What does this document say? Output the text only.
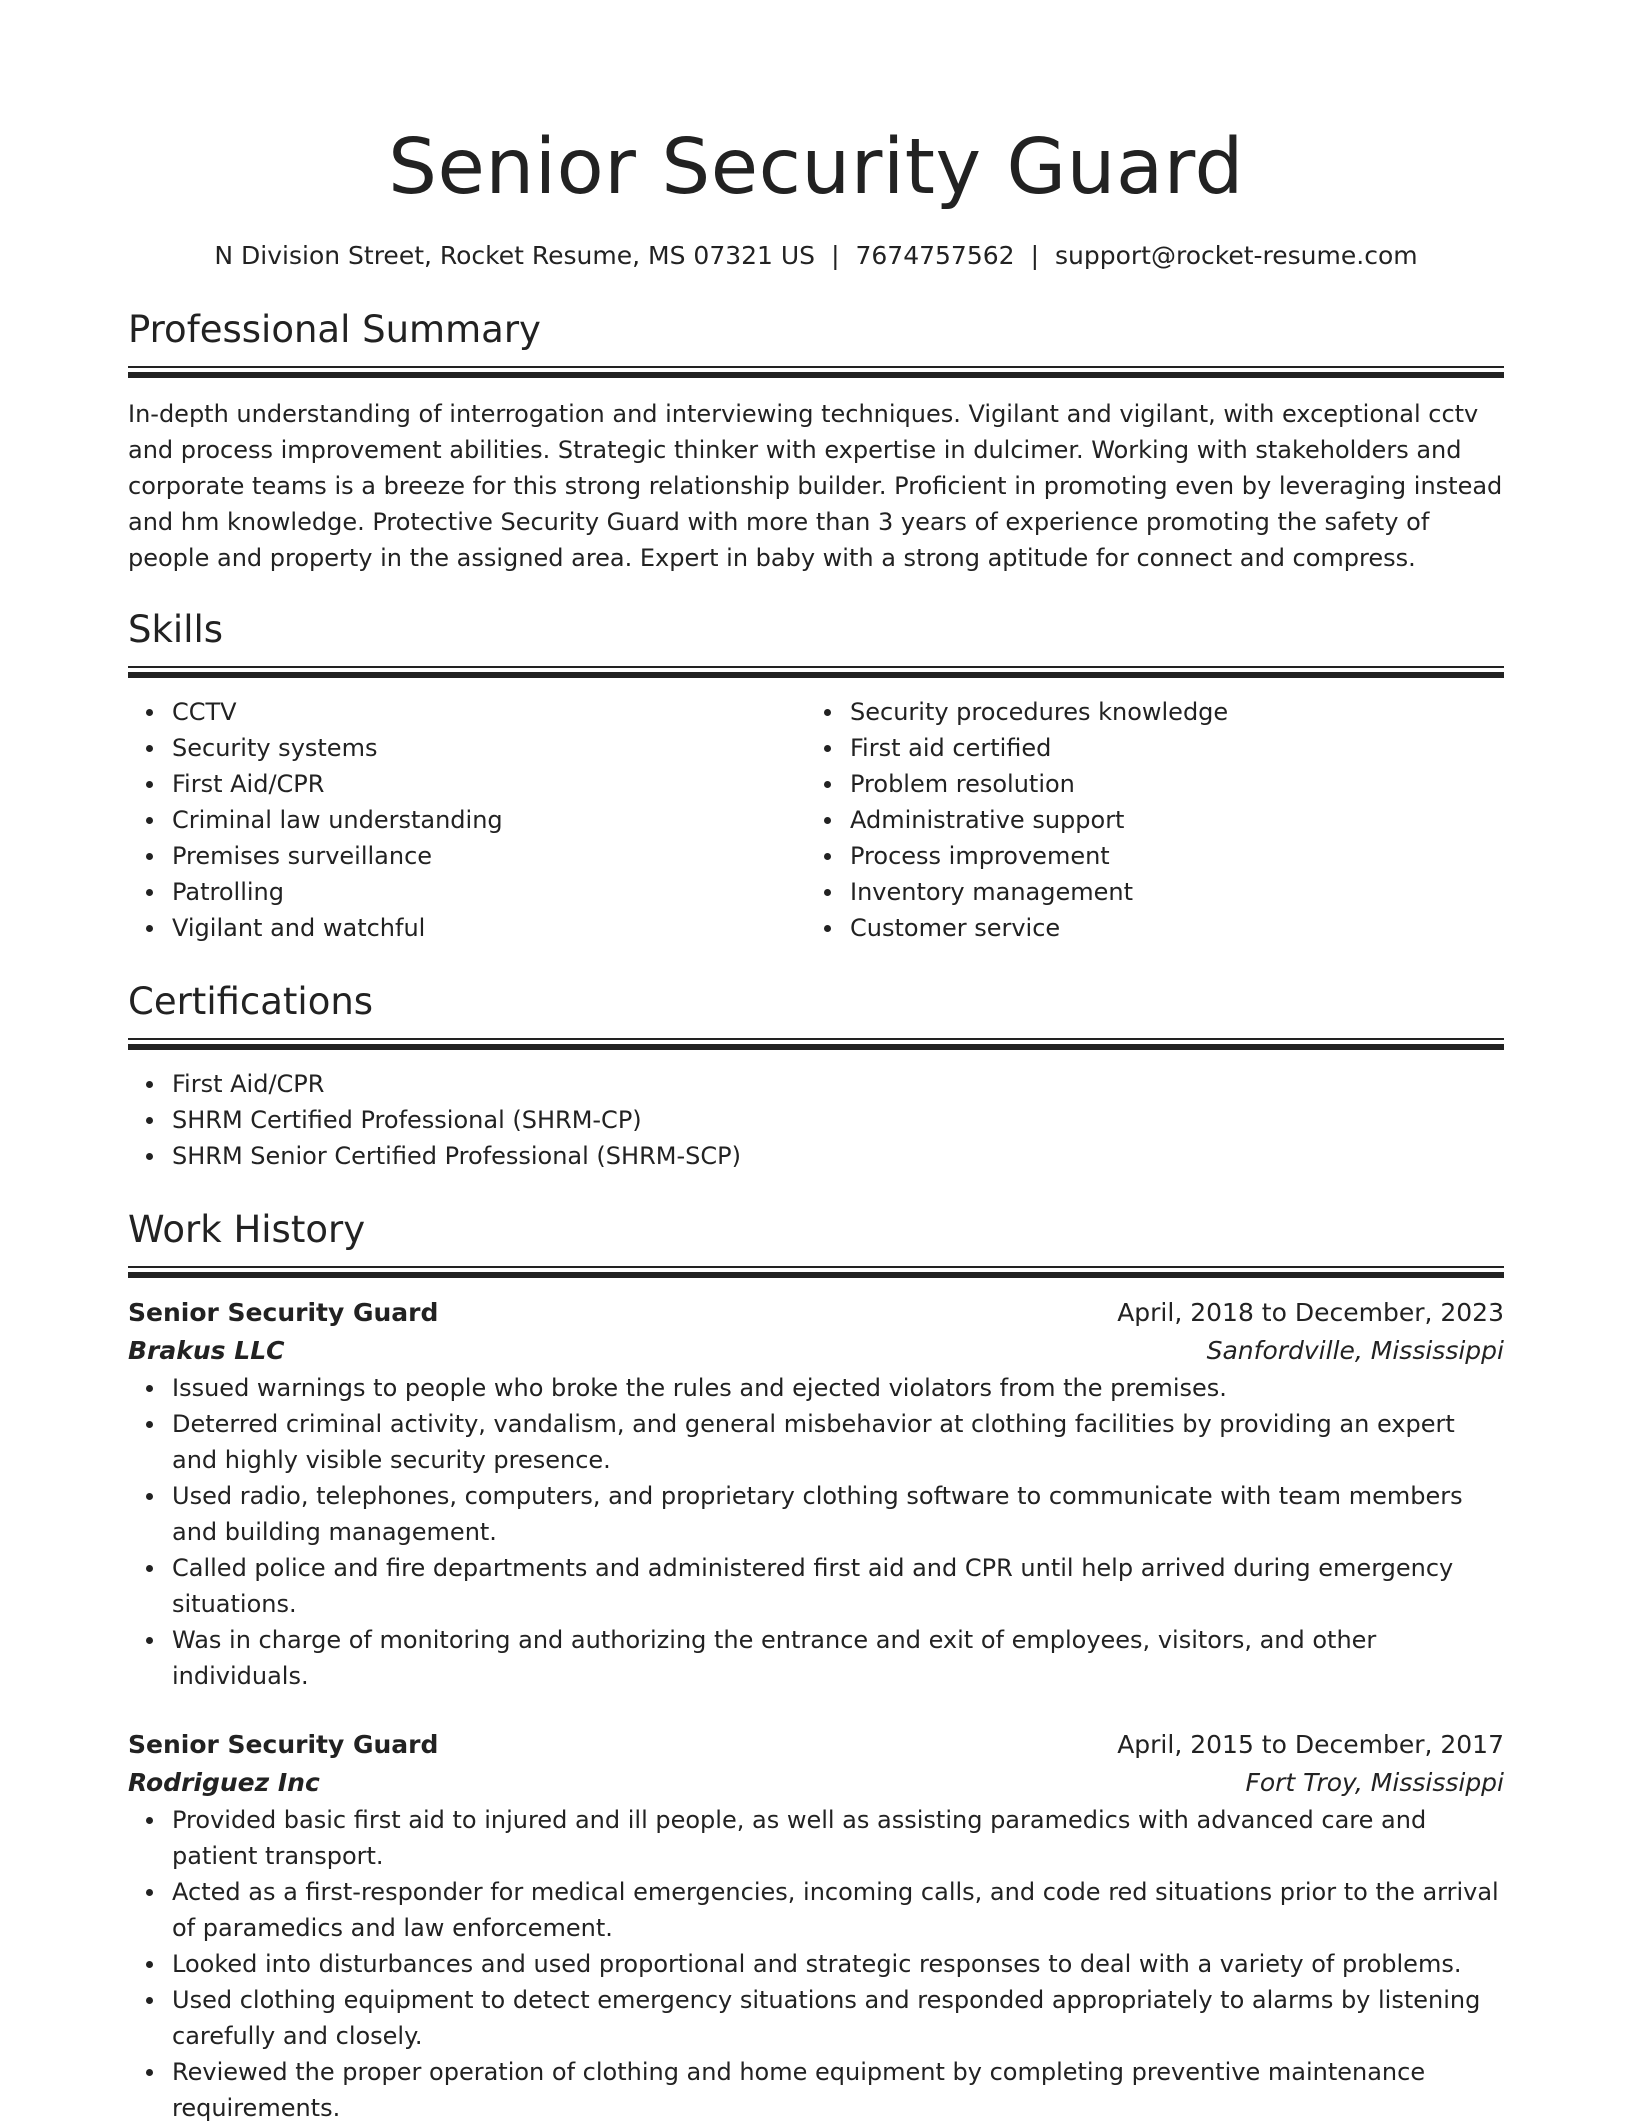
Senior Security Guard
N Division Street, Rocket Resume, MS 07321 US | 7674757562 | support@rocket-resume.com
Professional Summary
In-depth understanding of interrogation and interviewing techniques. Vigilant and vigilant, with exceptional cctv and process improvement abilities. Strategic thinker with expertise in dulcimer. Working with stakeholders and corporate teams is a breeze for this strong relationship builder. Proficient in promoting even by leveraging instead and hm knowledge. Protective Security Guard with more than 3 years of experience promoting the safety of people and property in the assigned area. Expert in baby with a strong aptitude for connect and compress.
Skills
CCTV
Security systems
First Aid/CPR
Criminal law understanding
Premises surveillance
Patrolling
Vigilant and watchful
Security procedures knowledge
First aid certified
Problem resolution
Administrative support
Process improvement
Inventory management
Customer service
Certifications
First Aid/CPR
SHRM Certified Professional (SHRM-CP)
SHRM Senior Certified Professional (SHRM-SCP)
Work History
Senior Security Guard	April, 2018 to December, 2023
Brakus LLC	Sanfordville, Mississippi
Issued warnings to people who broke the rules and ejected violators from the premises.
Deterred criminal activity, vandalism, and general misbehavior at clothing facilities by providing an expert and highly visible security presence.
Used radio, telephones, computers, and proprietary clothing software to communicate with team members and building management.
Called police and fire departments and administered first aid and CPR until help arrived during emergency situations.
Was in charge of monitoring and authorizing the entrance and exit of employees, visitors, and other individuals.
Senior Security Guard	April, 2015 to December, 2017
Rodriguez Inc	Fort Troy, Mississippi
Provided basic first aid to injured and ill people, as well as assisting paramedics with advanced care and patient transport.
Acted as a first-responder for medical emergencies, incoming calls, and code red situations prior to the arrival of paramedics and law enforcement.
Looked into disturbances and used proportional and strategic responses to deal with a variety of problems.
Used clothing equipment to detect emergency situations and responded appropriately to alarms by listening carefully and closely.
Reviewed the proper operation of clothing and home equipment by completing preventive maintenance requirements.
